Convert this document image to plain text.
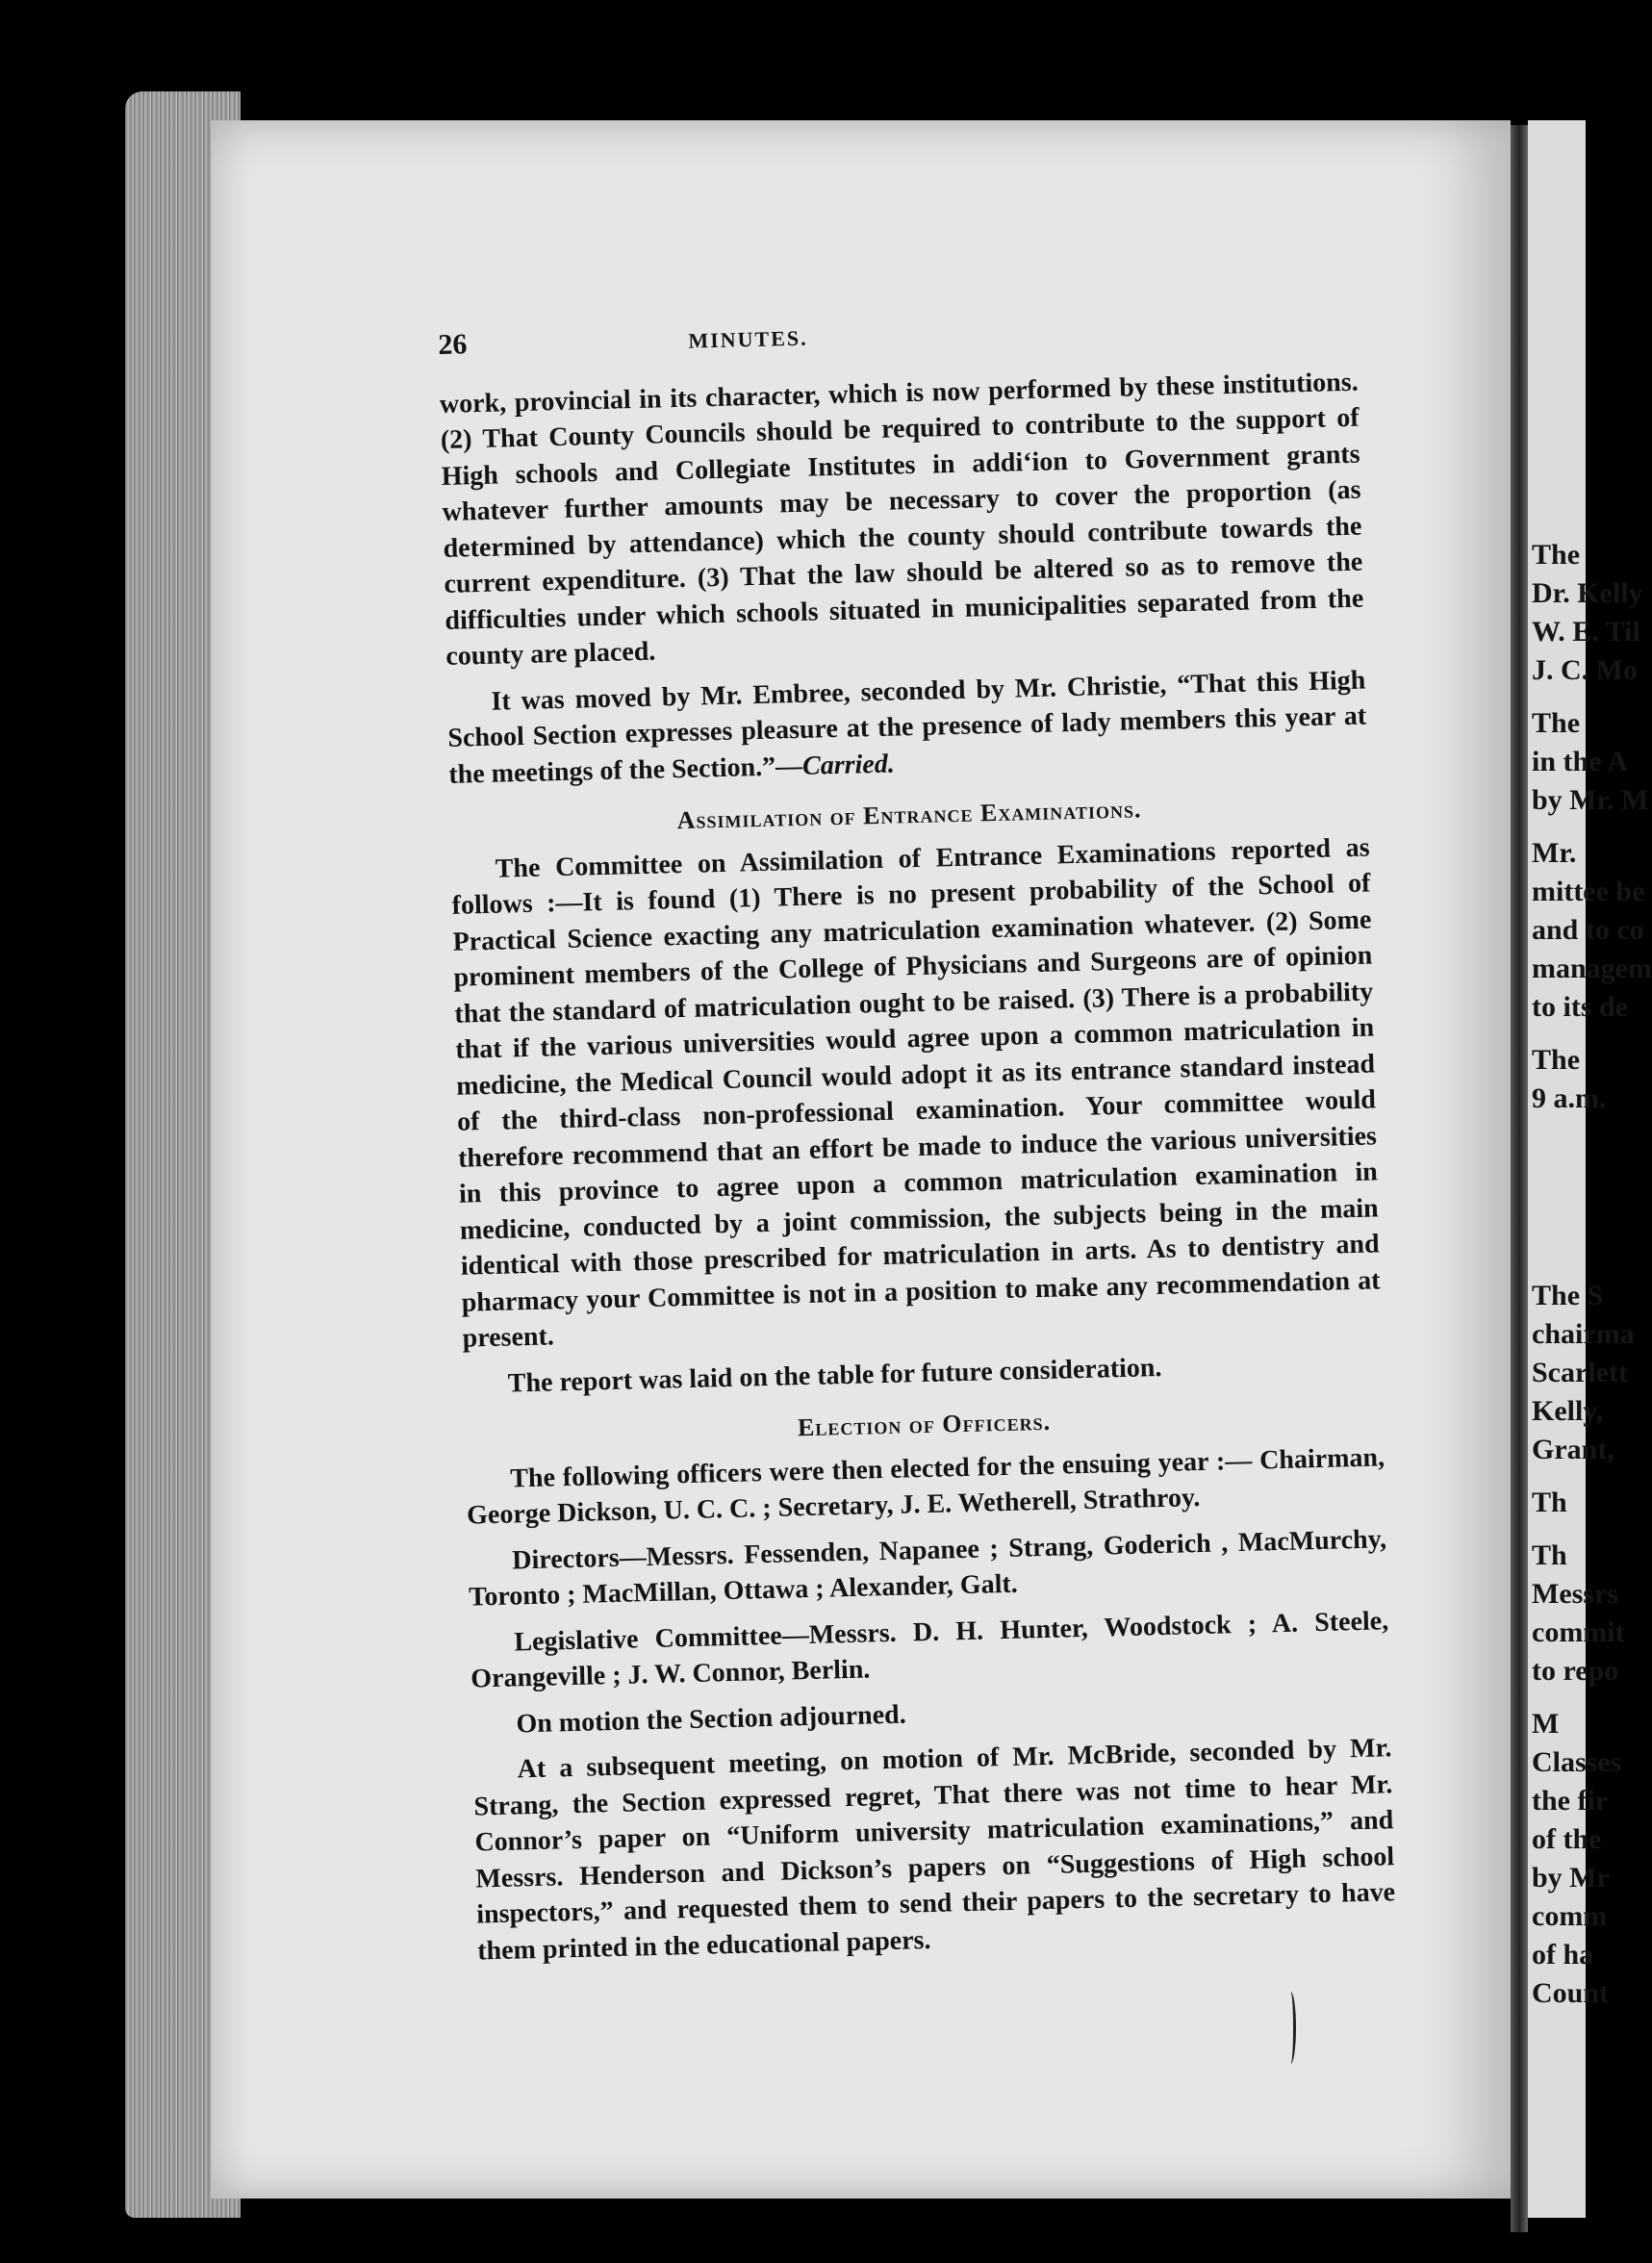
The
Dr. Kelly
W. E. Til
J. C. Mo
The
in the A
by Mr. M
Mr.
mittee be
and to co
managem
to its de
The
9 a.m.
The S
chairma
Scarlett
Kelly,
Grant,
Th
Th
Messrs
commit
to repo
M
Classes
the fir
of the
by Mr
comm
of ha
Count
26	MINUTES.

work, provincial in its character, which is now performed by these institutions. (2) That County Councils should be required to contribute to the support of High schools and Collegiate Institutes in addi‘ion to Government grants whatever further amounts may be necessary to cover the proportion (as determined by attendance) which the county should contribute towards the current expenditure. (3) That the law should be altered so as to remove the difficulties under which schools situated in municipalities separated from the county are placed.

It was moved by Mr. Embree, seconded by Mr. Christie, “That this High School Section expresses pleasure at the presence of lady members this year at the meetings of the Section.”—Carried.

Assimilation of Entrance Examinations.

The Committee on Assimilation of Entrance Examinations reported as follows :—It is found (1) There is no present probability of the School of Practical Science exacting any matriculation examination whatever. (2) Some prominent members of the College of Physicians and Surgeons are of opinion that the standard of matriculation ought to be raised. (3) There is a probability that if the various universities would agree upon a common matriculation in medicine, the Medical Council would adopt it as its entrance standard instead of the third-class non-professional examination. Your committee would therefore recommend that an effort be made to induce the various universities in this province to agree upon a common matriculation examination in medicine, conducted by a joint commission, the subjects being in the main identical with those prescribed for matriculation in arts. As to dentistry and pharmacy your Committee is not in a position to make any recommendation at present.

The report was laid on the table for future consideration.

Election of Officers.

The following officers were then elected for the ensuing year :— Chairman, George Dickson, U. C. C. ; Secretary, J. E. Wetherell, Strathroy.

Directors—Messrs. Fessenden, Napanee ; Strang, Goderich , MacMurchy, Toronto ; MacMillan, Ottawa ; Alexander, Galt.

Legislative Committee—Messrs. D. H. Hunter, Woodstock ; A. Steele, Orangeville ; J. W. Connor, Berlin.

On motion the Section adjourned.

At a subsequent meeting, on motion of Mr. McBride, seconded by Mr. Strang, the Section expressed regret, That there was not time to hear Mr. Connor’s paper on “Uniform university matriculation examinations,” and Messrs. Henderson and Dickson’s papers on “Suggestions of High school inspectors,” and requested them to send their papers to the secretary to have them printed in the educational papers.
